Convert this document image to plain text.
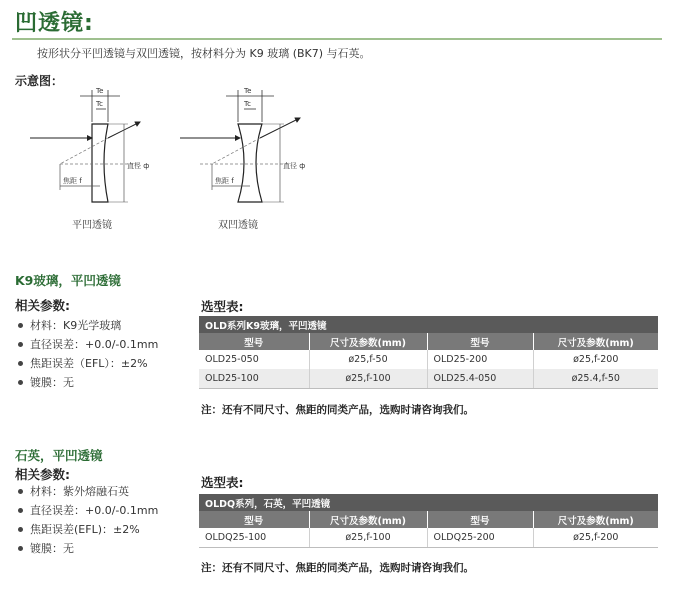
凹透镜:
按形状分平凹透镜与双凹透镜，按材料分为 K9 玻璃 (BK7) 与石英。
示意图：
Te
Tc
焦距 f
直径 ф
平凹透镜
Te
Tc
焦距 f
直径 ф
双凹透镜
K9玻璃，平凹透镜
相关参数:
材料：K9光学玻璃
直径误差：+0.0/-0.1mm
焦距误差（EFL）：±2%
镀膜：无
选型表:
OLD系列K9玻璃，平凹透镜			
型号	尺寸及参数(mm)	型号	尺寸及参数(mm)
OLD25-050	ø25,f-50	OLD25-200	ø25,f-200
OLD25-100	ø25,f-100	OLD25.4-050	ø25.4,f-50
注：还有不同尺寸、焦距的同类产品，选购时请咨询我们。
石英，平凹透镜
相关参数:
材料：紫外熔融石英
直径误差：+0.0/-0.1mm
焦距误差(EFL)：±2%
镀膜：无
选型表:
OLDQ系列，石英，平凹透镜			
型号	尺寸及参数(mm)	型号	尺寸及参数(mm)
OLDQ25-100	ø25,f-100	OLDQ25-200	ø25,f-200
注：还有不同尺寸、焦距的同类产品，选购时请咨询我们。
